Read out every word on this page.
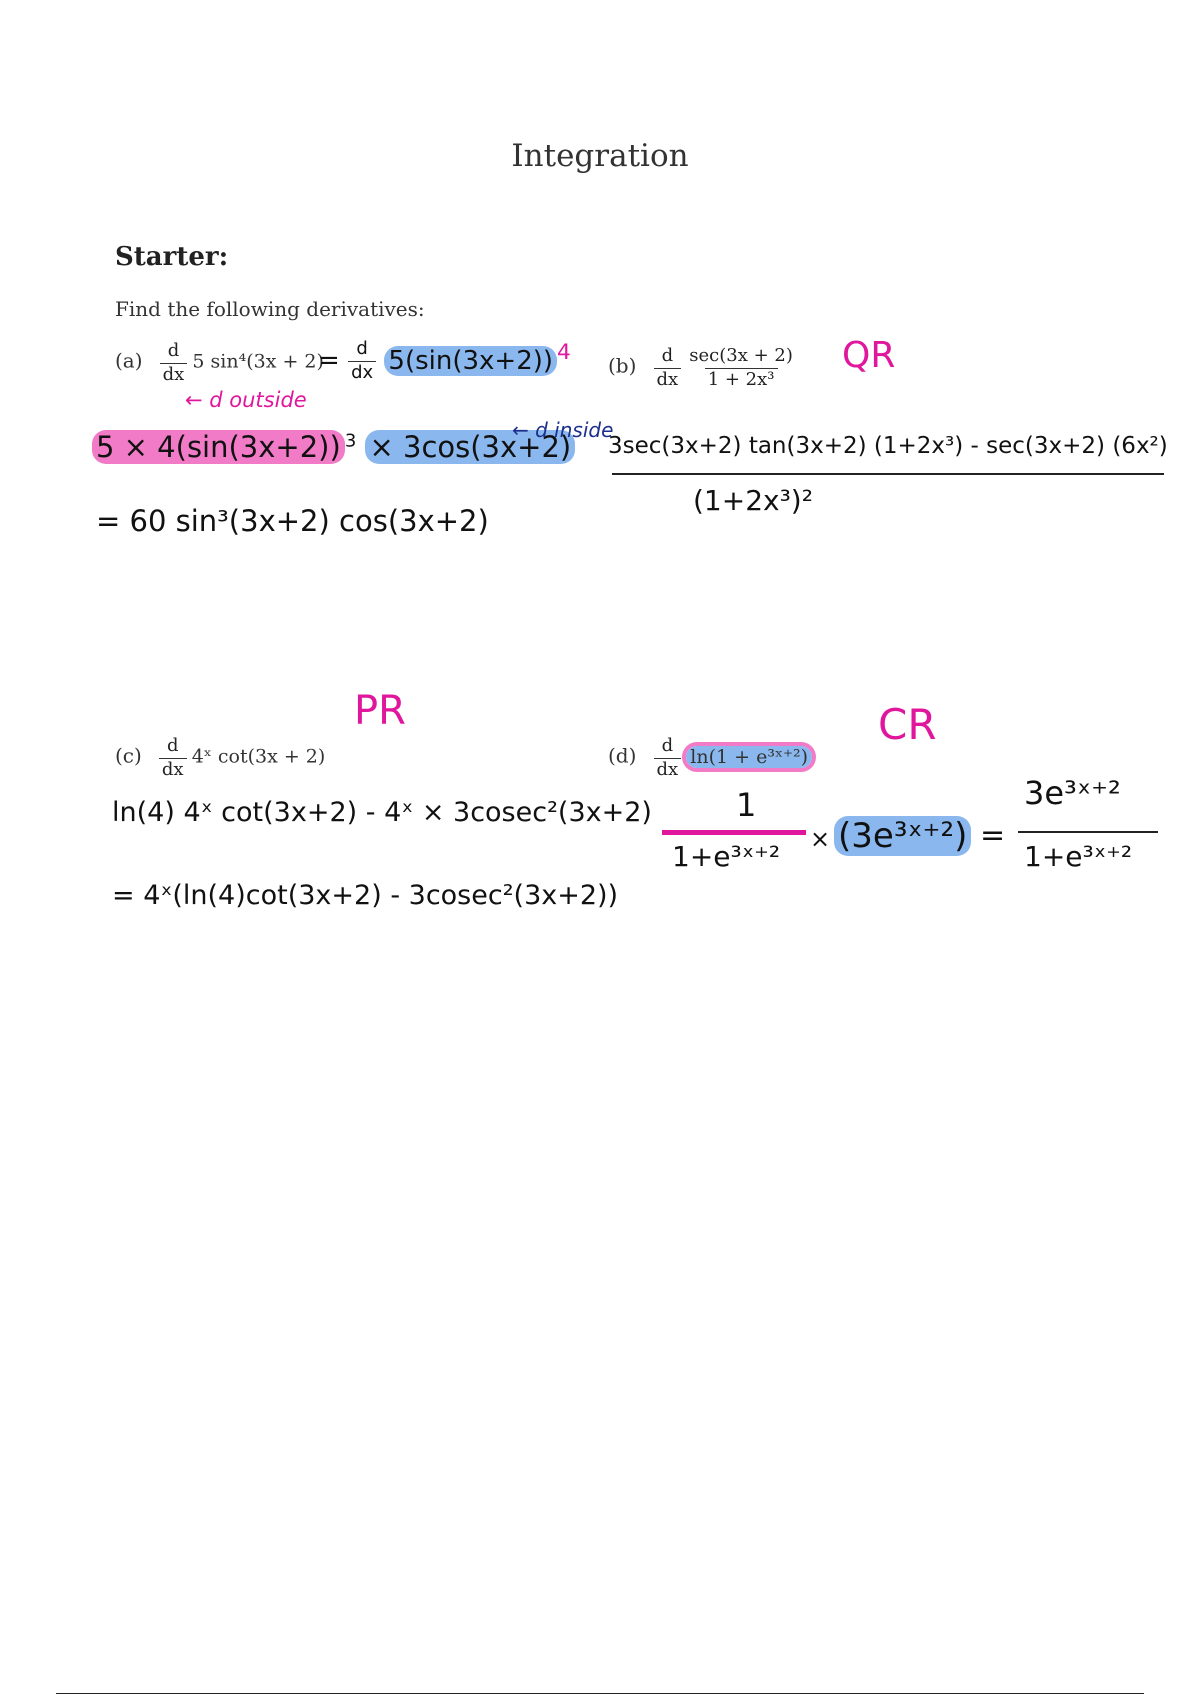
Integration
Starter:
Find the following derivatives:
$(a) \frac{d}{dx} 5$ sin⁴(3x + 2)
= $\frac{d}{dx} 5(\sin(3x+2))$ $^4$
← d outside
5 × 4(sin(3x+2)) $^3$ × 3cos(3x+2)
← d inside
= 60 sin³(3x+2) cos(3x+2)
$(b) \frac{d}{dx}$
$\frac{\sec(3x + 2)}{\text{1 + 2x³}}$ QR
3sec(3x+2) tan(3x+2) (1+2x³) - sec(3x+2) (6x²)
(1+2x³)²
PR
$(c) \frac{d}{dx}$ 4ˣ cot(3x + 2)
ln(4) 4ˣ cot(3x+2) - 4ˣ × 3cosec²(3x+2)
= 4ˣ(ln(4)cot(3x+2) - 3cosec²(3x+2))
CR
$(d) \frac{d}{dx} \ln(1$ + e³ˣ⁺²)
1
1+e³ˣ⁺²
× (3e³ˣ⁺²) =
3e³ˣ⁺²
1+e³ˣ⁺²
